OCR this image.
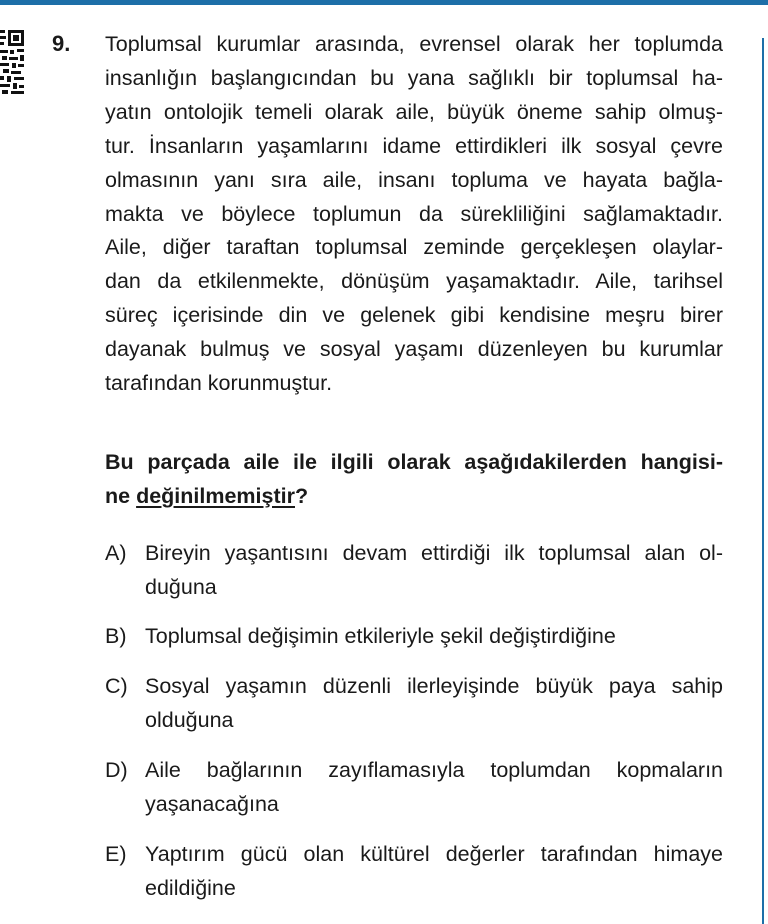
9. Toplumsal kurumlar arasında, evrensel olarak her toplumda
insanlığın başlangıcından bu yana sağlıklı bir toplumsal ha-
yatın ontolojik temeli olarak aile, büyük öneme sahip olmuş-
tur. İnsanların yaşamlarını idame ettirdikleri ilk sosyal çevre
olmasının yanı sıra aile, insanı topluma ve hayata bağla-
makta ve böylece toplumun da sürekliliğini sağlamaktadır.
Aile, diğer taraftan toplumsal zeminde gerçekleşen olaylar-
dan da etkilenmekte, dönüşüm yaşamaktadır. Aile, tarihsel
süreç içerisinde din ve gelenek gibi kendisine meşru birer
dayanak bulmuş ve sosyal yaşamı düzenleyen bu kurumlar
tarafından korunmuştur.
Bu parçada aile ile ilgili olarak aşağıdakilerden hangisi-
ne değinilmemiştir?
A) Bireyin yaşantısını devam ettirdiği ilk toplumsal alan ol-
duğuna
B) Toplumsal değişimin etkileriyle şekil değiştirdiğine
C) Sosyal yaşamın düzenli ilerleyişinde büyük paya sahip
olduğuna
D) Aile bağlarının zayıflamasıyla toplumdan kopmaların
yaşanacağına
E) Yaptırım gücü olan kültürel değerler tarafından himaye
edildiğine
